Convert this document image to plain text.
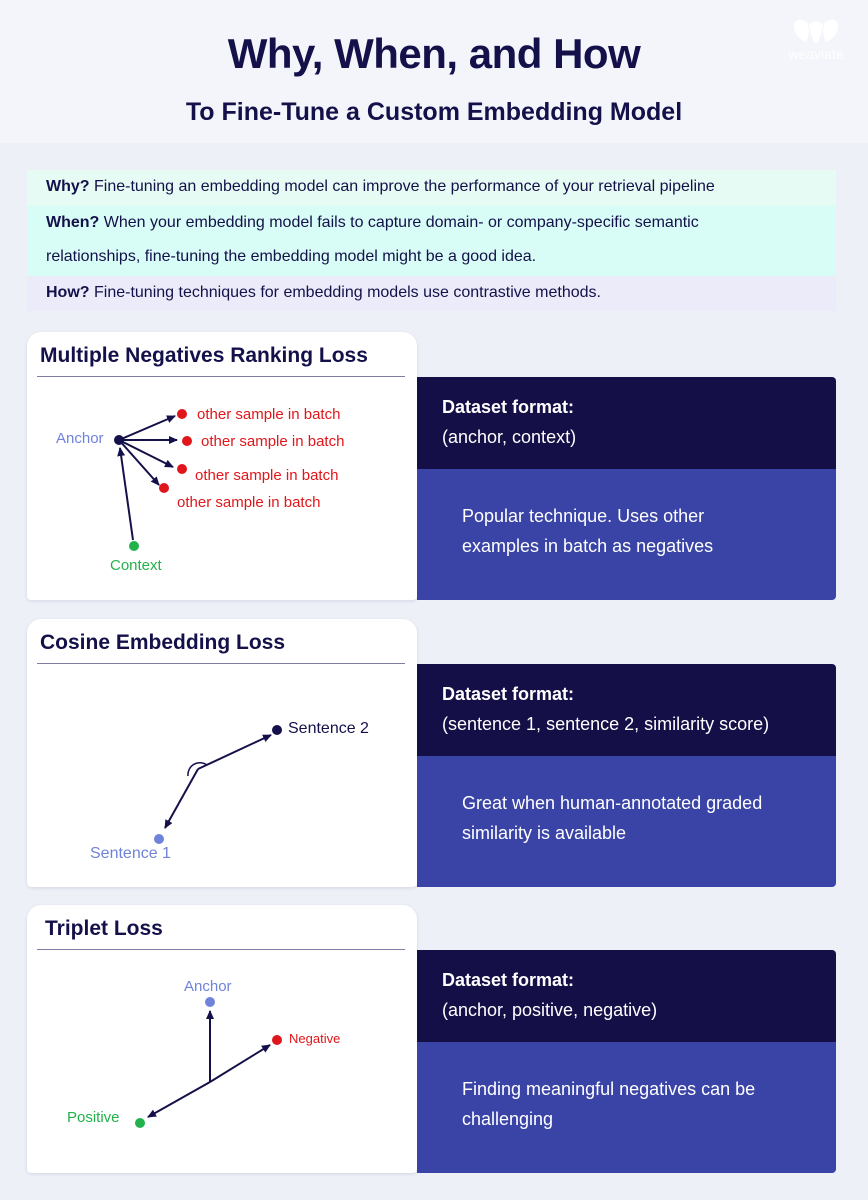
Why, When, and How
To Fine-Tune a Custom Embedding Model
weaviate
Why? Fine-tuning an embedding model can improve the performance of your retrieval pipeline
When? When your embedding model fails to capture domain- or company-specific semantic
relationships, fine-tuning the embedding model might be a good idea.
How? Fine-tuning techniques for embedding models use contrastive methods.
Multiple Negatives Ranking Loss
Anchor
Context
other sample in batch
other sample in batch
other sample in batch
other sample in batch
Dataset format:
(anchor, context)
Popular technique. Uses other
examples in batch as negatives
Cosine Embedding Loss
Sentence 2
Sentence 1
Dataset format:
(sentence 1, sentence 2, similarity score)
Great when human-annotated graded
similarity is available
Triplet Loss
Anchor
Negative
Positive
Dataset format:
(anchor, positive, negative)
Finding meaningful negatives can be
challenging
